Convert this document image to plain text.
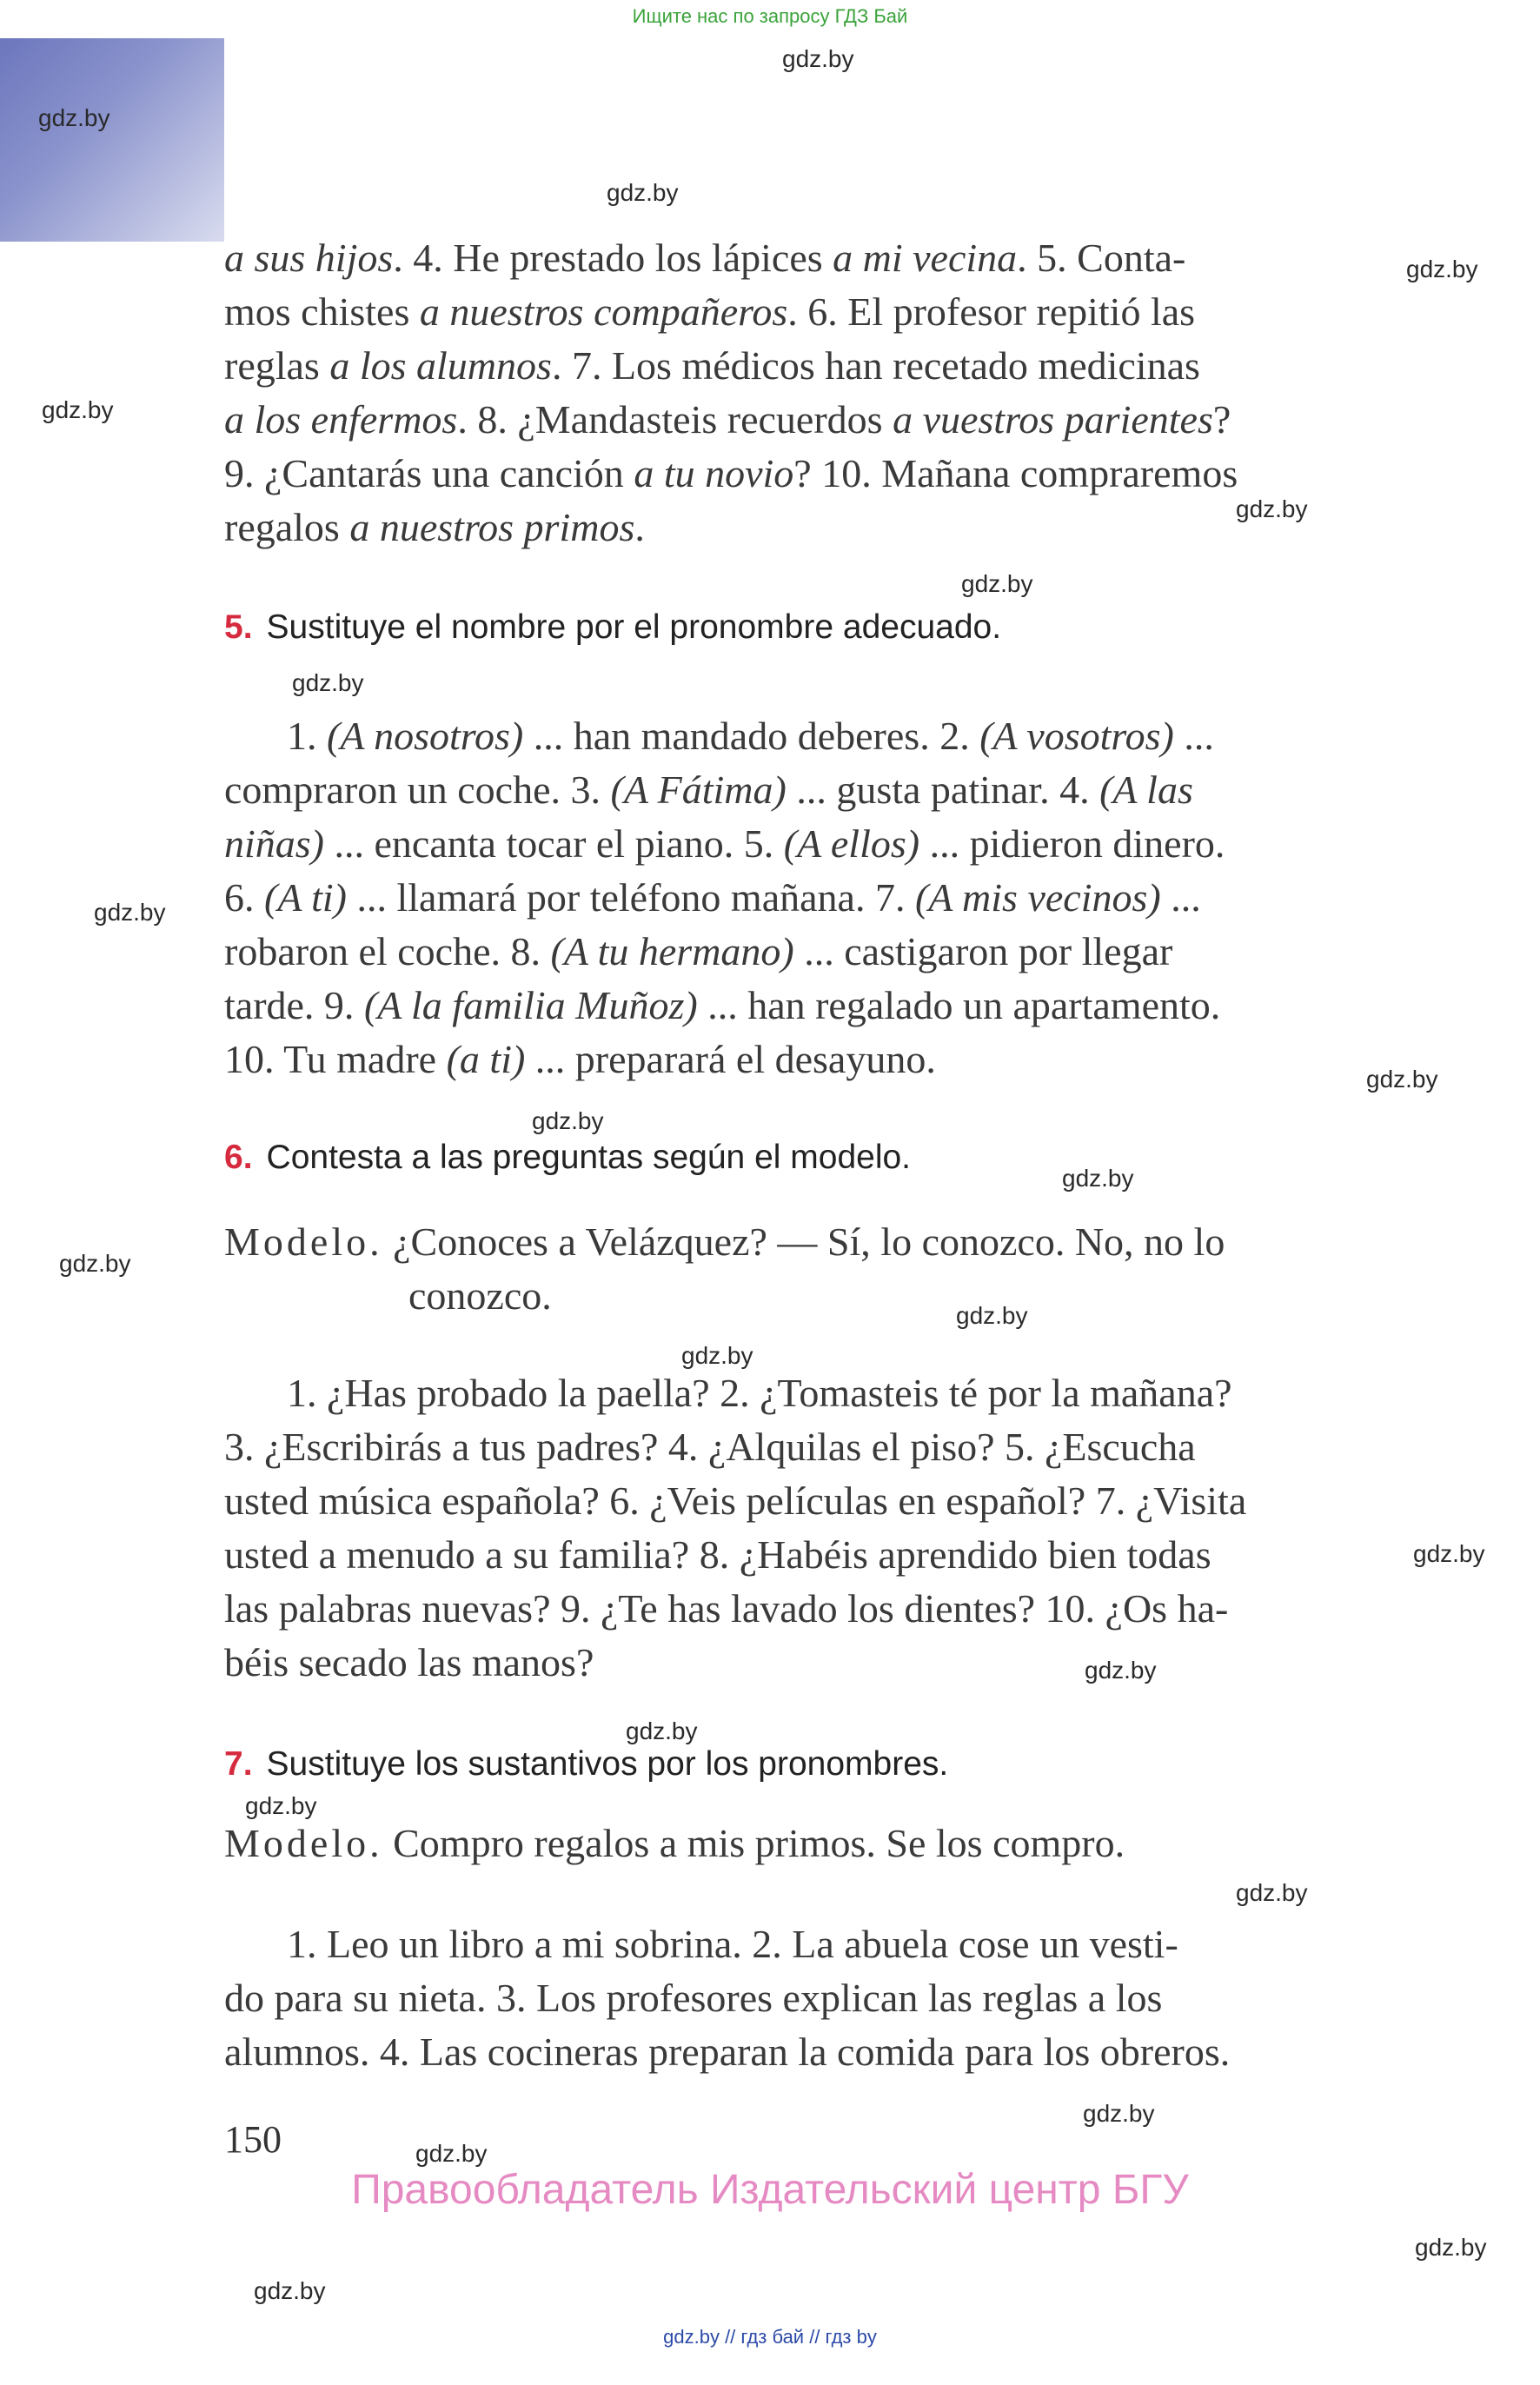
Ищите нас по запросу ГДЗ Бай
gdz.by
gdz.by
gdz.by
gdz.by
gdz.by
gdz.by
gdz.by
gdz.by
gdz.by
gdz.by
gdz.by
gdz.by
gdz.by
gdz.by
gdz.by
gdz.by
gdz.by
gdz.by
gdz.by
gdz.by
gdz.by
gdz.by
gdz.by
gdz.by
a sus hijos. 4. He prestado los lápices a mi vecina. 5. Conta-
mos chistes a nuestros compañeros. 6. El profesor repitió las
reglas a los alumnos. 7. Los médicos han recetado medicinas
a los enfermos. 8. ¿Mandasteis recuerdos a vuestros parientes?
9. ¿Cantarás una canción a tu novio? 10. Mañana compraremos
regalos a nuestros primos.
5. Sustituye el nombre por el pronombre adecuado.
1. (A nosotros) ... han mandado deberes. 2. (A vosotros) ...
compraron un coche. 3. (A Fátima) ... gusta patinar. 4. (A las
niñas) ... encanta tocar el piano. 5. (A ellos) ... pidieron dinero.
6. (A ti) ... llamará por teléfono mañana. 7. (A mis vecinos) ...
robaron el coche. 8. (A tu hermano) ... castigaron por llegar
tarde. 9. (A la familia Muñoz) ... han regalado un apartamento.
10. Tu madre (a ti) ... preparará el desayuno.
6. Contesta a las preguntas según el modelo.
Modelo. ¿Conoces a Velázquez? — Sí, lo conozco. No, no lo
conozco.
1. ¿Has probado la paella? 2. ¿Tomasteis té por la mañana?
3. ¿Escribirás a tus padres? 4. ¿Alquilas el piso? 5. ¿Escucha
usted música española? 6. ¿Veis películas en español? 7. ¿Visita
usted a menudo a su familia? 8. ¿Habéis aprendido bien todas
las palabras nuevas? 9. ¿Te has lavado los dientes? 10. ¿Os ha-
béis secado las manos?
7. Sustituye los sustantivos por los pronombres.
Modelo. Compro regalos a mis primos. Se los compro.
1. Leo un libro a mi sobrina. 2. La abuela cose un vesti-
do para su nieta. 3. Los profesores explican las reglas a los
alumnos. 4. Las cocineras preparan la comida para los obreros.
150
Правообладатель Издательский центр БГУ
gdz.by // гдз бай // гдз by
